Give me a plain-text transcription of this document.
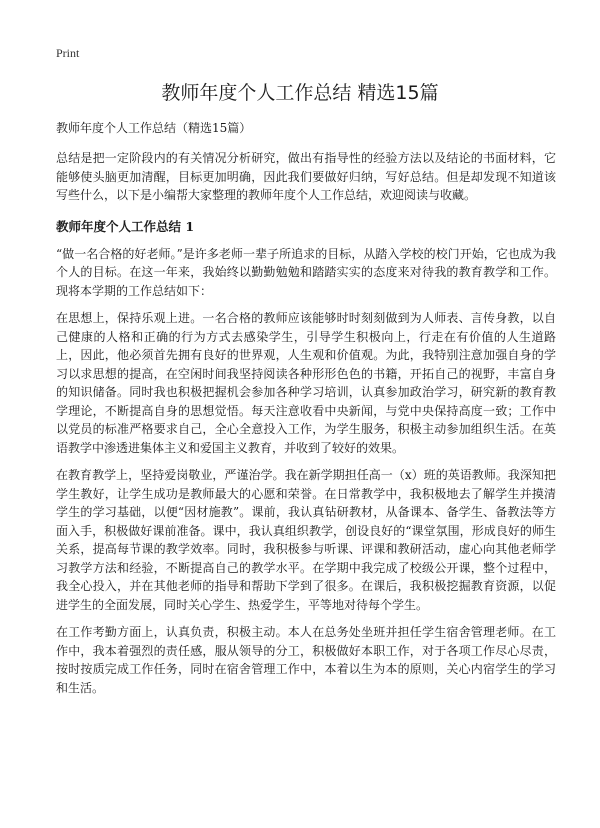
Print
教师年度个人工作总结 精选15篇

教师年度个人工作总结（精选15篇）

总结是把一定阶段内的有关情况分析研究，做出有指导性的经验方法以及结论的书面材料，它能够使头脑更加清醒，目标更加明确，因此我们要做好归纳，写好总结。但是却发现不知道该写些什么，以下是小编帮大家整理的教师年度个人工作总结，欢迎阅读与收藏。

教师年度个人工作总结 1

“做一名合格的好老师。”是许多老师一辈子所追求的目标，从踏入学校的校门开始，它也成为我个人的目标。在这一年来，我始终以勤勤勉勉和踏踏实实的态度来对待我的教育教学和工作。现将本学期的工作总结如下：

在思想上，保持乐观上进。一名合格的教师应该能够时时刻刻做到为人师表、言传身教，以自己健康的人格和正确的行为方式去感染学生，引导学生积极向上，行走在有价值的人生道路上，因此，他必须首先拥有良好的世界观，人生观和价值观。为此，我特别注意加强自身的学习以求思想的提高，在空闲时间我坚持阅读各种形形色色的书籍，开拓自己的视野，丰富自身的知识储备。同时我也积极把握机会参加各种学习培训，认真参加政治学习，研究新的教育教学理论，不断提高自身的思想觉悟。每天注意收看中央新闻，与党中央保持高度一致；工作中以党员的标准严格要求自己，全心全意投入工作，为学生服务，积极主动参加组织生活。在英语教学中渗透进集体主义和爱国主义教育，并收到了较好的效果。

在教育教学上，坚持爱岗敬业，严谨治学。我在新学期担任高一（x）班的英语教师。我深知把学生教好，让学生成功是教师最大的心愿和荣誉。在日常教学中，我积极地去了解学生并摸清学生的学习基础，以便“因材施教”。课前，我认真钻研教材，从备课本、备学生、备教法等方面入手，积极做好课前准备。课中，我认真组织教学，创设良好的“课堂氛围，形成良好的师生关系，提高每节课的教学效率。同时，我积极参与听课、评课和教研活动，虚心向其他老师学习教学方法和经验，不断提高自己的教学水平。在学期中我完成了校级公开课，整个过程中，我全心投入，并在其他老师的指导和帮助下学到了很多。在课后，我积极挖掘教育资源，以促进学生的全面发展，同时关心学生、热爱学生，平等地对待每个学生。

在工作考勤方面上，认真负责，积极主动。本人在总务处坐班并担任学生宿舍管理老师。在工作中，我本着强烈的责任感，服从领导的分工，积极做好本职工作，对于各项工作尽心尽责，按时按质完成工作任务，同时在宿舍管理工作中，本着以生为本的原则，关心内宿学生的学习和生活。
